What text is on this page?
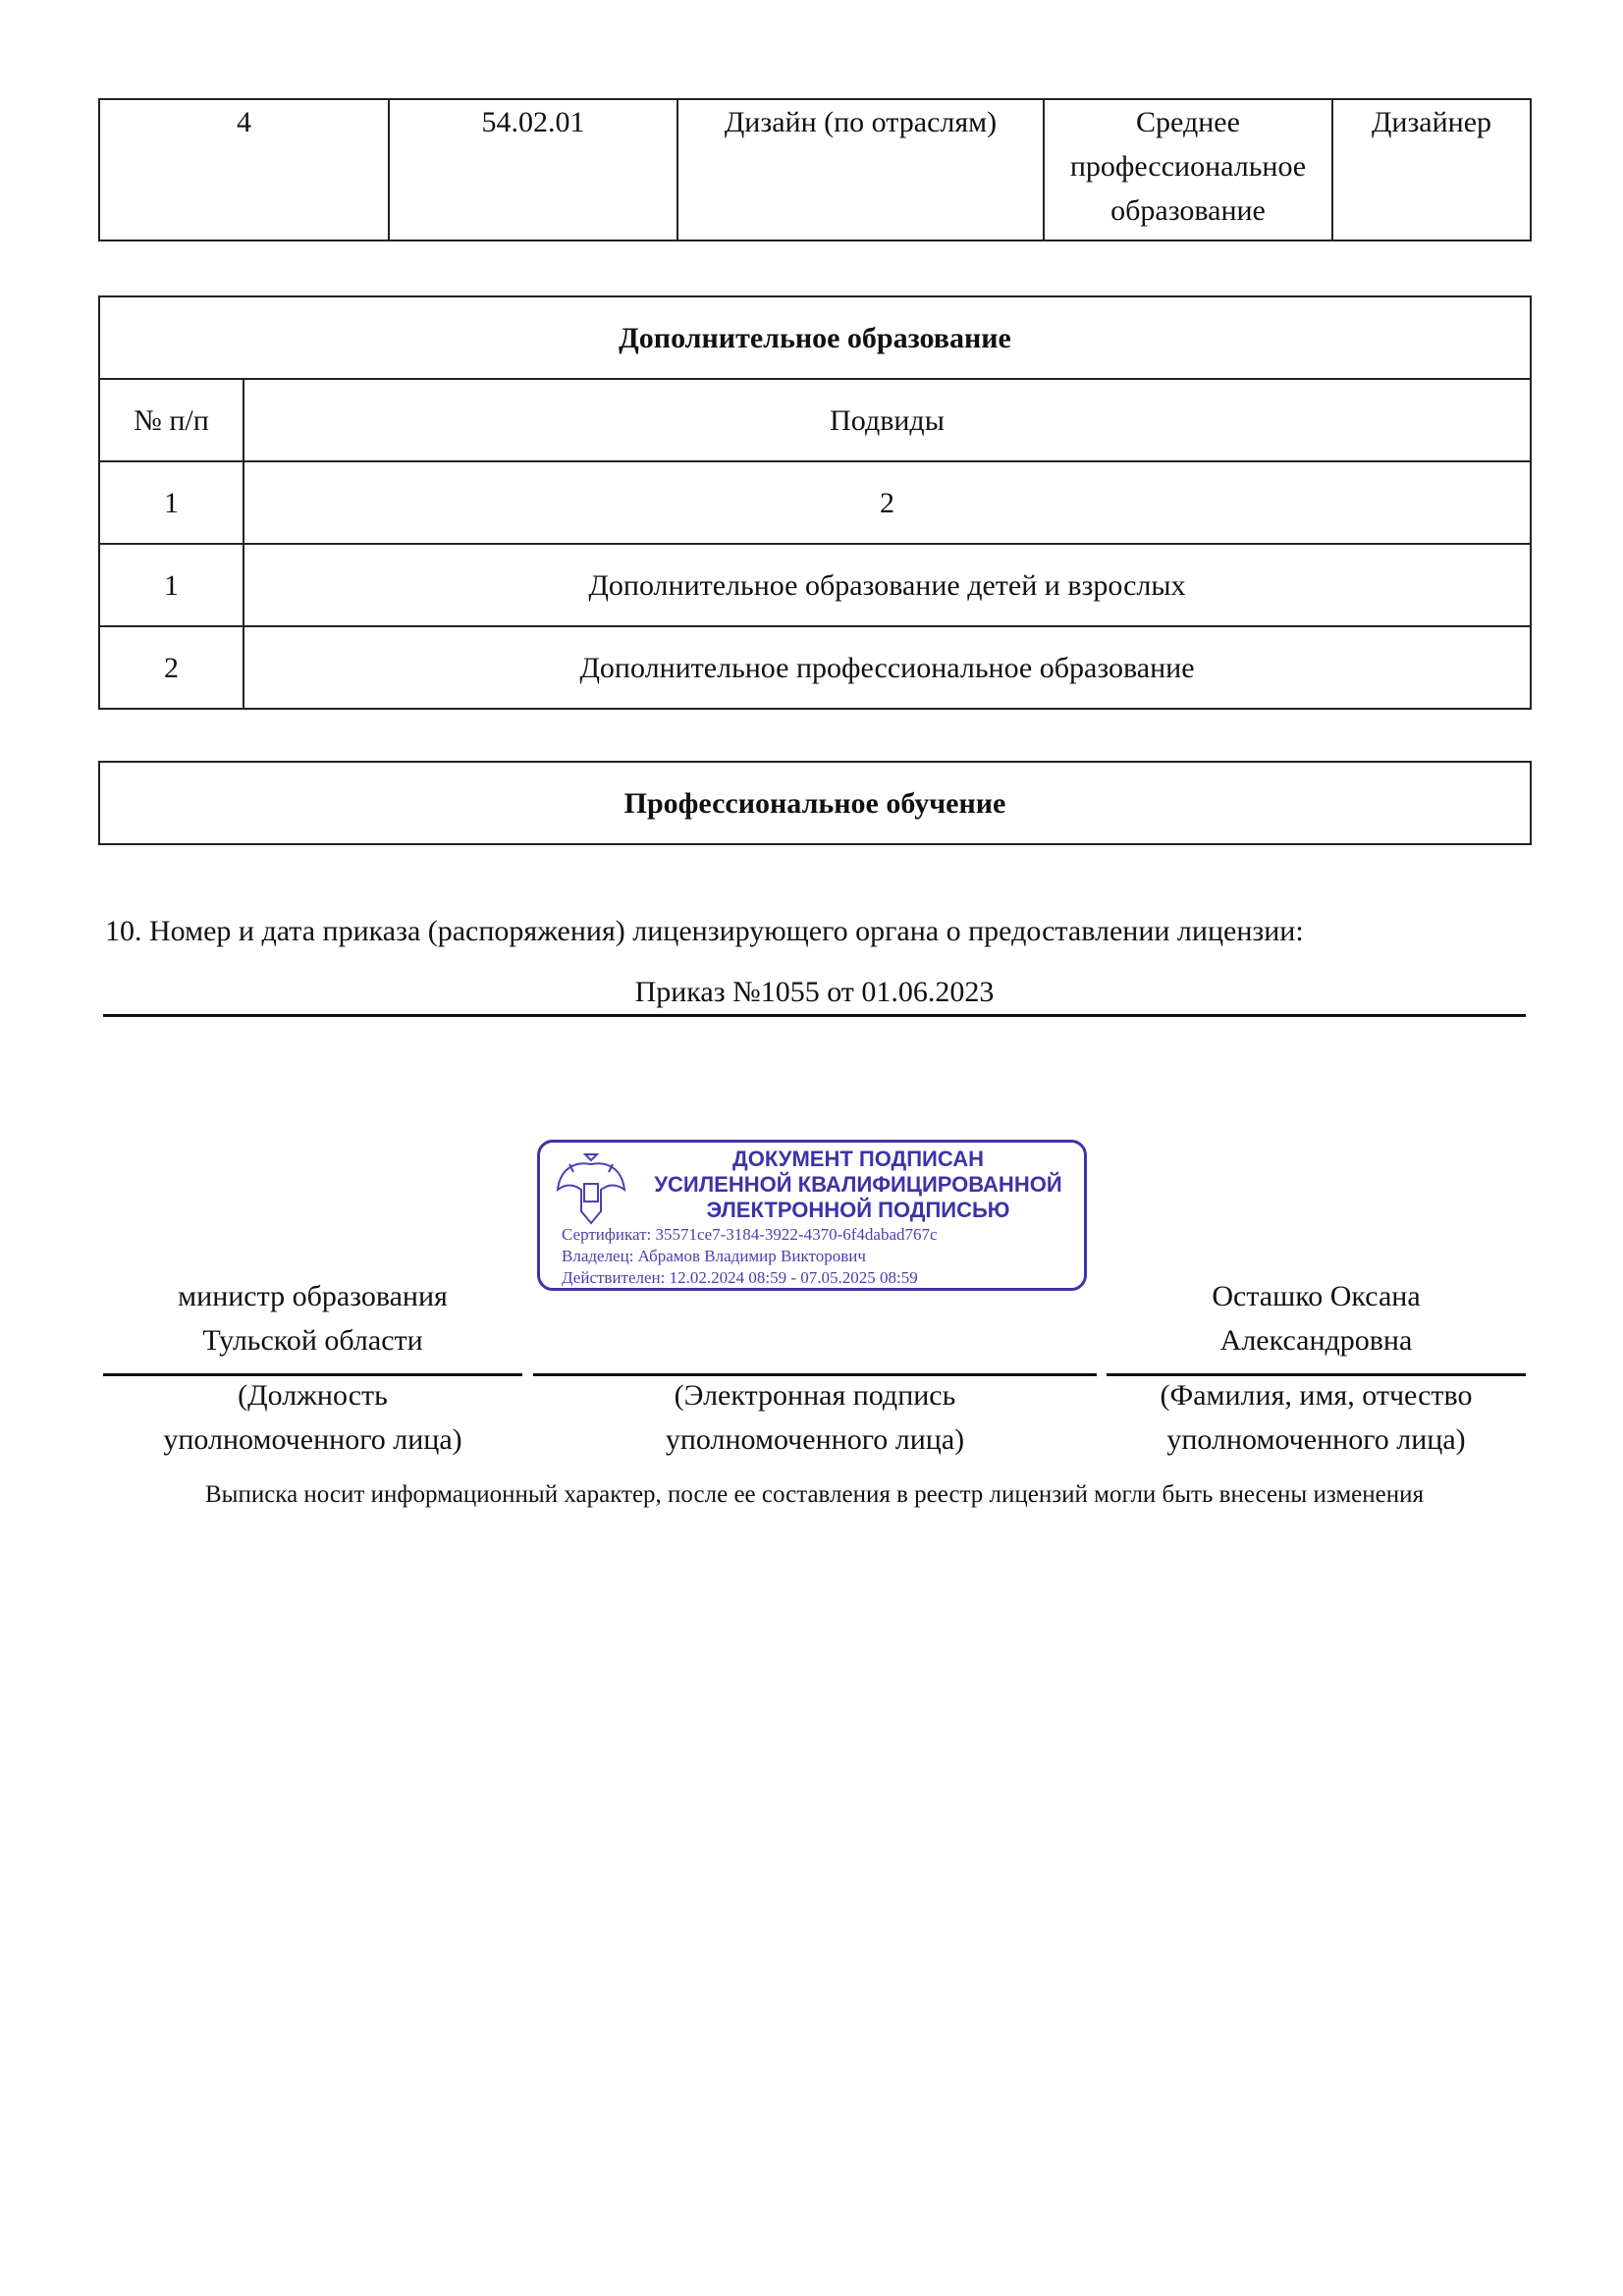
4	54.02.01	Дизайн (по отраслям)	Среднее профессиональное образование	Дизайнер
Дополнительное образование	
№ п/п	Подвиды
1	2
1	Дополнительное образование детей и взрослых
2	Дополнительное профессиональное образование
Профессиональное обучение
10. Номер и дата приказа (распоряжения) лицензирующего органа о предоставлении лицензии:
Приказ №1055 от 01.06.2023
ДОКУМЕНТ ПОДПИСАН
УСИЛЕННОЙ КВАЛИФИЦИРОВАННОЙ
ЭЛЕКТРОННОЙ ПОДПИСЬЮ
Сертификат: 35571ce7-3184-3922-4370-6f4dabad767c
Владелец: Абрамов Владимир Викторович
Действителен: 12.02.2024 08:59 - 07.05.2025 08:59
министр образования
Тульской области
Осташко Оксана
Александровна
(Должность
уполномоченного лица)
(Электронная подпись
уполномоченного лица)
(Фамилия, имя, отчество
уполномоченного лица)
Выписка носит информационный характер, после ее составления в реестр лицензий могли быть внесены изменения
